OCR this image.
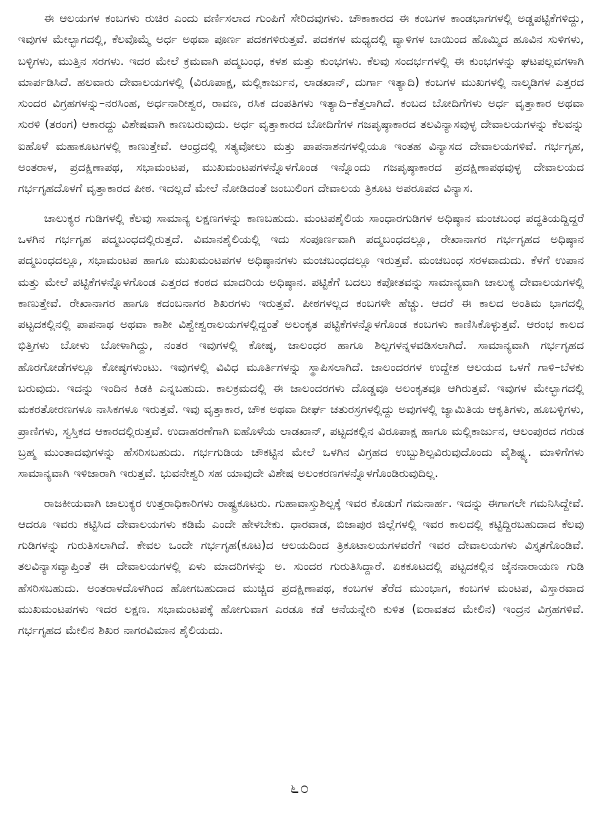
ಈ ಆಲಯಗಳ ಕಂಬಗಳು ರುಚಿರ ಎಂದು ವರ್ಣಿಸಲಾದ ಗುಂಪಿಗೆ ಸೇರಿದವುಗಳು. ಚೌಕಾಕಾರದ ಈ ಕಂಬಗಳ ಕಾಂಡಭಾಗಗಳಲ್ಲಿ ಅಡ್ಡಪಟ್ಟಿಕೆಗಳಿದ್ದು, ಇವುಗಳ ಮೇಲ್ಭಾಗದಲ್ಲಿ, ಕೆಲವೊಮ್ಮೆ ಅರ್ಧ ಅಥವಾ ಪೂರ್ಣ ಪದಕಗಳಿರುತ್ತವೆ. ಪದಕಗಳ ಮಧ್ಯದಲ್ಲಿ ವ್ಯಾಳಿಗಳ ಬಾಯಿಂದ ಹೊಮ್ಮಿದ ಹೂವಿನ ಸುಳಿಗಳು, ಬಳ್ಳಿಗಳು, ಮುತ್ತಿನ ಸರಗಳು. ಇದರ ಮೇಲೆ ಕ್ರಮವಾಗಿ ಪದ್ಮಬಂಧ, ಕಳಶ ಮತ್ತು ಕುಂಭಗಳು. ಕೆಲವು ಸಂದರ್ಭಗಳಲ್ಲಿ ಈ ಕುಂಭಗಳನ್ನು ಘಟಪಲ್ಲವಗಳಾಗಿ ಮಾರ್ಪಡಿಸಿದೆ. ಹಲವಾರು ದೇವಾಲಯಗಳಲ್ಲಿ (ವಿರೂಪಾಕ್ಷ, ಮಲ್ಲಿಕಾರ್ಜುನ, ಲಾಡಖಾನ್, ದುರ್ಗಾ ಇತ್ಯಾದಿ) ಕಂಬಗಳ ಮುಖಗಳಲ್ಲಿ ನಾಲ್ಕಡಿಗಳ ಎತ್ತರದ ಸುಂದರ ವಿಗ್ರಹಗಳನ್ನು–ನರಸಿಂಹ, ಅರ್ಧನಾರೀಶ್ವರ, ರಾವಣ, ರಸಿಕ ದಂಪತಿಗಳು ಇತ್ಯಾದಿ–ಕೆತ್ತಲಾಗಿದೆ. ಕಂಬದ ಬೋದಿಗೆಗಳು ಅರ್ಧ ವೃತ್ತಾಕಾರ ಅಥವಾ ಸುರಳಿ (ತರಂಗ) ಆಕಾರದ್ದು ವಿಶೇಷವಾಗಿ ಕಾಣಬರುವುದು. ಅರ್ಧ ವೃತ್ತಾಕಾರದ ಬೋದಿಗೆಗಳ ಗಜಪೃಷ್ಠಾಕಾರದ ತಲವಿನ್ಯಾಸವುಳ್ಳ ದೇವಾಲಯಗಳನ್ನು ಕೆಲವನ್ನು ಐಹೊಳೆ ಮಹಾಕೂಟಗಳಲ್ಲಿ ಕಾಣುತ್ತೇವೆ. ಆಂಧ್ರದಲ್ಲಿ ಸತ್ಯವೋಲು ಮತ್ತು ಪಾಪನಾಶನಗಳಲ್ಲಿಯೂ ಇಂತಹ ವಿನ್ಯಾಸದ ದೇವಾಲಯಗಳಿವೆ. ಗರ್ಭಗೃಹ, ಅಂತರಾಳ, ಪ್ರದಕ್ಷಿಣಾಪಥ, ಸಭಾಮಂಟಪ, ಮುಖಮಂಟಪಗಳನ್ನೊಳಗೊಂಡ ಇನ್ನೊಂದು ಗಜಪೃಷ್ಠಾಕಾರದ ಪ್ರದಕ್ಷಿಣಾಪಥವುಳ್ಳ ದೇವಾಲಯದ ಗರ್ಭಗೃಹದೊಳಗೆ ವೃತ್ತಾಕಾರದ ಪೀಠ. ಇದಲ್ಲದೆ ಮೇಲೆ ನೋಡಿದಂತೆ ಜಂಬುಲಿಂಗ ದೇವಾಲಯ ತ್ರಿಕೂಟ ಅಪರೂಪದ ವಿನ್ಯಾಸ.

ಚಾಲುಕ್ಯರ ಗುಡಿಗಳಲ್ಲಿ ಕೆಲವು ಸಾಮಾನ್ಯ ಲಕ್ಷಣಗಳನ್ನು ಕಾಣಬಹುದು. ಮಂಟಪಶೈಲಿಯ ಸಾಂಧಾರಗುಡಿಗಳ ಅಧಿಷ್ಠಾನ ಮಂಚಬಂಧ ಪದ್ಧತಿಯದ್ದಿದ್ದರೆ ಒಳಗಿನ ಗರ್ಭಗೃಹ ಪದ್ಮಬಂಧದಲ್ಲಿರುತ್ತದೆ. ವಿಮಾನಶೈಲಿಯಲ್ಲಿ ಇದು ಸಂಪೂರ್ಣವಾಗಿ ಪದ್ಮಬಂಧದಲ್ಲೂ, ರೇಖಾನಾಗರ ಗರ್ಭಗೃಹದ ಅಧಿಷ್ಠಾನ ಪದ್ಮಬಂಧದಲ್ಲೂ, ಸಭಾಮಂಟಪ ಹಾಗೂ ಮುಖಮಂಟಪಗಳ ಅಧಿಷ್ಠಾನಗಳು ಮಂಚಬಂಧದಲ್ಲೂ ಇರುತ್ತವೆ. ಮಂಚಬಂಧ ಸರಳವಾದುದು. ಕೆಳಗೆ ಉಪಾನ ಮತ್ತು ಮೇಲೆ ಪಟ್ಟಿಕೆಗಳನ್ನೊಳಗೊಂಡ ಎತ್ತರದ ಕಂಠದ ಮಾದರಿಯ ಅಧಿಷ್ಠಾನ. ಪಟ್ಟಿಕೆಗೆ ಬದಲು ಕಪೋತವನ್ನು ಸಾಮಾನ್ಯವಾಗಿ ಚಾಲುಕ್ಯ ದೇವಾಲಯಗಳಲ್ಲಿ ಕಾಣುತ್ತೇವೆ. ರೇಖಾನಾಗರ ಹಾಗೂ ಕದಂಬನಾಗರ ಶಿಖರಗಳು ಇರುತ್ತವೆ. ಪೀಠಗಳಲ್ಲದ ಕಂಬಗಳೇ ಹೆಚ್ಚು. ಆದರೆ ಈ ಕಾಲದ ಅಂತಿಮ ಭಾಗದಲ್ಲಿ ಪಟ್ಟದಕಲ್ಲಿನಲ್ಲಿ ಪಾಪನಾಥ ಅಥವಾ ಕಾಶೀ ವಿಶ್ವೇಶ್ವರಾಲಯಗಳಲ್ಲಿದ್ದಂತೆ ಅಲಂಕೃತ ಪಟ್ಟಿಕೆಗಳನ್ನೊಳಗೊಂಡ ಕಂಬಗಳು ಕಾಣಿಸಿಕೊಳ್ಳುತ್ತವೆ. ಆರಂಭ ಕಾಲದ ಭಿತ್ತಿಗಳು ಬೋಳು ಬೋಳಾಗಿದ್ದು, ನಂತರ ಇವುಗಳಲ್ಲಿ ಕೋಷ್ಠ, ಜಾಲಂಧರ ಹಾಗೂ ಶಿಲ್ಪಗಳನ್ನಳವಡಿಸಲಾಗಿದೆ. ಸಾಮಾನ್ಯವಾಗಿ ಗರ್ಭಗೃಹದ ಹೊರಗೋಡೆಗಳಲ್ಲೂ ಕೋಷ್ಠಗಳುಂಟು. ಇವುಗಳಲ್ಲಿ ವಿವಿಧ ಮೂರ್ತಿಗಳನ್ನು ಸ್ಥಾಪಿಸಲಾಗಿದೆ. ಜಾಲಂದರಗಳ ಉದ್ದೇಶ ಆಲಯದ ಒಳಗೆ ಗಾಳಿ–ಬೆಳಕು ಬರುವುದು. ಇದನ್ನು ಇಂದಿನ ಕಿಡಕಿ ಎನ್ನಬಹುದು. ಕಾಲಕ್ರಮದಲ್ಲಿ ಈ ಜಾಲಂದರಗಳು ದೊಡ್ಡವೂ ಅಲಂಕೃತವೂ ಆಗಿರುತ್ತವೆ. ಇವುಗಳ ಮೇಲ್ಭಾಗದಲ್ಲಿ ಮಕರತೋರಣಗಳೂ ನಾಸಿಕಗಳೂ ಇರುತ್ತವೆ. ಇವು ವೃತ್ತಾಕಾರ, ಚೌಕ ಅಥವಾ ದೀರ್ಘ ಚತುರಸ್ರಗಳಲ್ಲಿದ್ದು ಅವುಗಳಲ್ಲಿ ಜ್ಯಾಮಿತಿಯ ಆಕೃತಿಗಳು, ಹೂಬಳ್ಳಿಗಳು, ಪ್ರಾಣಿಗಳು, ಸ್ವಸ್ತಿಕದ ಆಕಾರದಲ್ಲಿರುತ್ತವೆ. ಉದಾಹರಣೆಗಾಗಿ ಐಹೊಳೆಯ ಲಾಡಖಾನ್, ಪಟ್ಟದಕಲ್ಲಿನ ವಿರೂಪಾಕ್ಷ ಹಾಗೂ ಮಲ್ಲಿಕಾರ್ಜುನ, ಆಲಂಪುರದ ಗರುಡ ಬ್ರಹ್ಮ ಮುಂತಾದವುಗಳನ್ನು ಹೆಸರಿಸಬಹುದು. ಗರ್ಭಗುಡಿಯ ಚೌಕಟ್ಟಿನ ಮೇಲೆ ಒಳಗಿನ ವಿಗ್ರಹದ ಉಬ್ಬುಶಿಲ್ಪವಿರುವುದೊಂದು ವೈಶಿಷ್ಟ್ಯ. ಮಾಳಿಗೆಗಳು ಸಾಮಾನ್ಯವಾಗಿ ಇಳಿಜಾರಾಗಿ ಇರುತ್ತವೆ. ಭುವನೇಶ್ವರಿ ಸಹ ಯಾವುದೇ ವಿಶೇಷ ಅಲಂಕರಣಗಳನ್ನೊಳಗೊಂಡಿರುವುದಿಲ್ಲ.

ರಾಜಕೀಯವಾಗಿ ಚಾಲುಕ್ಯರ ಉತ್ತರಾಧಿಕಾರಿಗಳು ರಾಷ್ಟ್ರಕೂಟರು. ಗುಹಾವಾಸ್ತುಶಿಲ್ಪಕ್ಕೆ ಇವರ ಕೊಡುಗೆ ಗಮನಾರ್ಹ. ಇದನ್ನು ಈಗಾಗಲೇ ಗಮನಿಸಿದ್ದೇವೆ. ಆದರೂ ಇವರು ಕಟ್ಟಿಸಿದ ದೇವಾಲಯಗಳು ಕಡಿಮೆ ಎಂದೇ ಹೇಳಬೇಕು. ಧಾರವಾಡ, ಬಿಜಾಪುರ ಜಿಲ್ಲೆಗಳಲ್ಲಿ ಇವರ ಕಾಲದಲ್ಲಿ ಕಟ್ಟಿದ್ದಿರಬಹುದಾದ ಕೆಲವು ಗುಡಿಗಳನ್ನು ಗುರುತಿಸಲಾಗಿದೆ. ಕೇವಲ ಒಂದೇ ಗರ್ಭಗೃಹ(ಕೂಟ)ದ ಆಲಯದಿಂದ ತ್ರಿಕೂಟಾಲಯಗಳವರೆಗೆ ಇವರ ದೇವಾಲಯಗಳು ವಿಸ್ತೃತಗೊಂಡಿವೆ. ತಲವಿನ್ಯಾಸವ್ಯಾಪ್ತಿಂತೆ ಈ ದೇವಾಲಯಗಳಲ್ಲಿ ಏಳು ಮಾದರಿಗಳನ್ನು ಅ. ಸುಂದರ ಗುರುತಿಸಿದ್ದಾರೆ. ಏಕಕೂಟದಲ್ಲಿ ಪಟ್ಟದಕಲ್ಲಿನ ಜೈನನಾರಾಯಣ ಗುಡಿ ಹೆಸರಿಸಬಹುದು. ಅಂತರಾಳದೊಳಗಿಂದ ಹೋಗಬಹುದಾದ ಮುಚ್ಚಿದ ಪ್ರದಕ್ಷಿಣಾಪಥ, ಕಂಬಗಳ ತೆರೆದ ಮುಂಭಾಗ, ಕಂಬಗಳ ಮಂಟಪ, ವಿಸ್ತಾರವಾದ ಮುಖಮಂಟಪಗಳು ಇದರ ಲಕ್ಷಣ. ಸಭಾಮಂಟಪಕ್ಕೆ ಹೋಗುವಾಗ ಎರಡೂ ಕಡೆ ಆನೆಯನ್ನೇರಿ ಕುಳಿತ (ಐರಾವತದ ಮೇಲಿನ) ಇಂದ್ರನ ವಿಗ್ರಹಗಳಿವೆ. ಗರ್ಭಗೃಹದ ಮೇಲಿನ ಶಿಖರ ನಾಗರವಿಮಾನ ಶೈಲಿಯದು.

೬೦
